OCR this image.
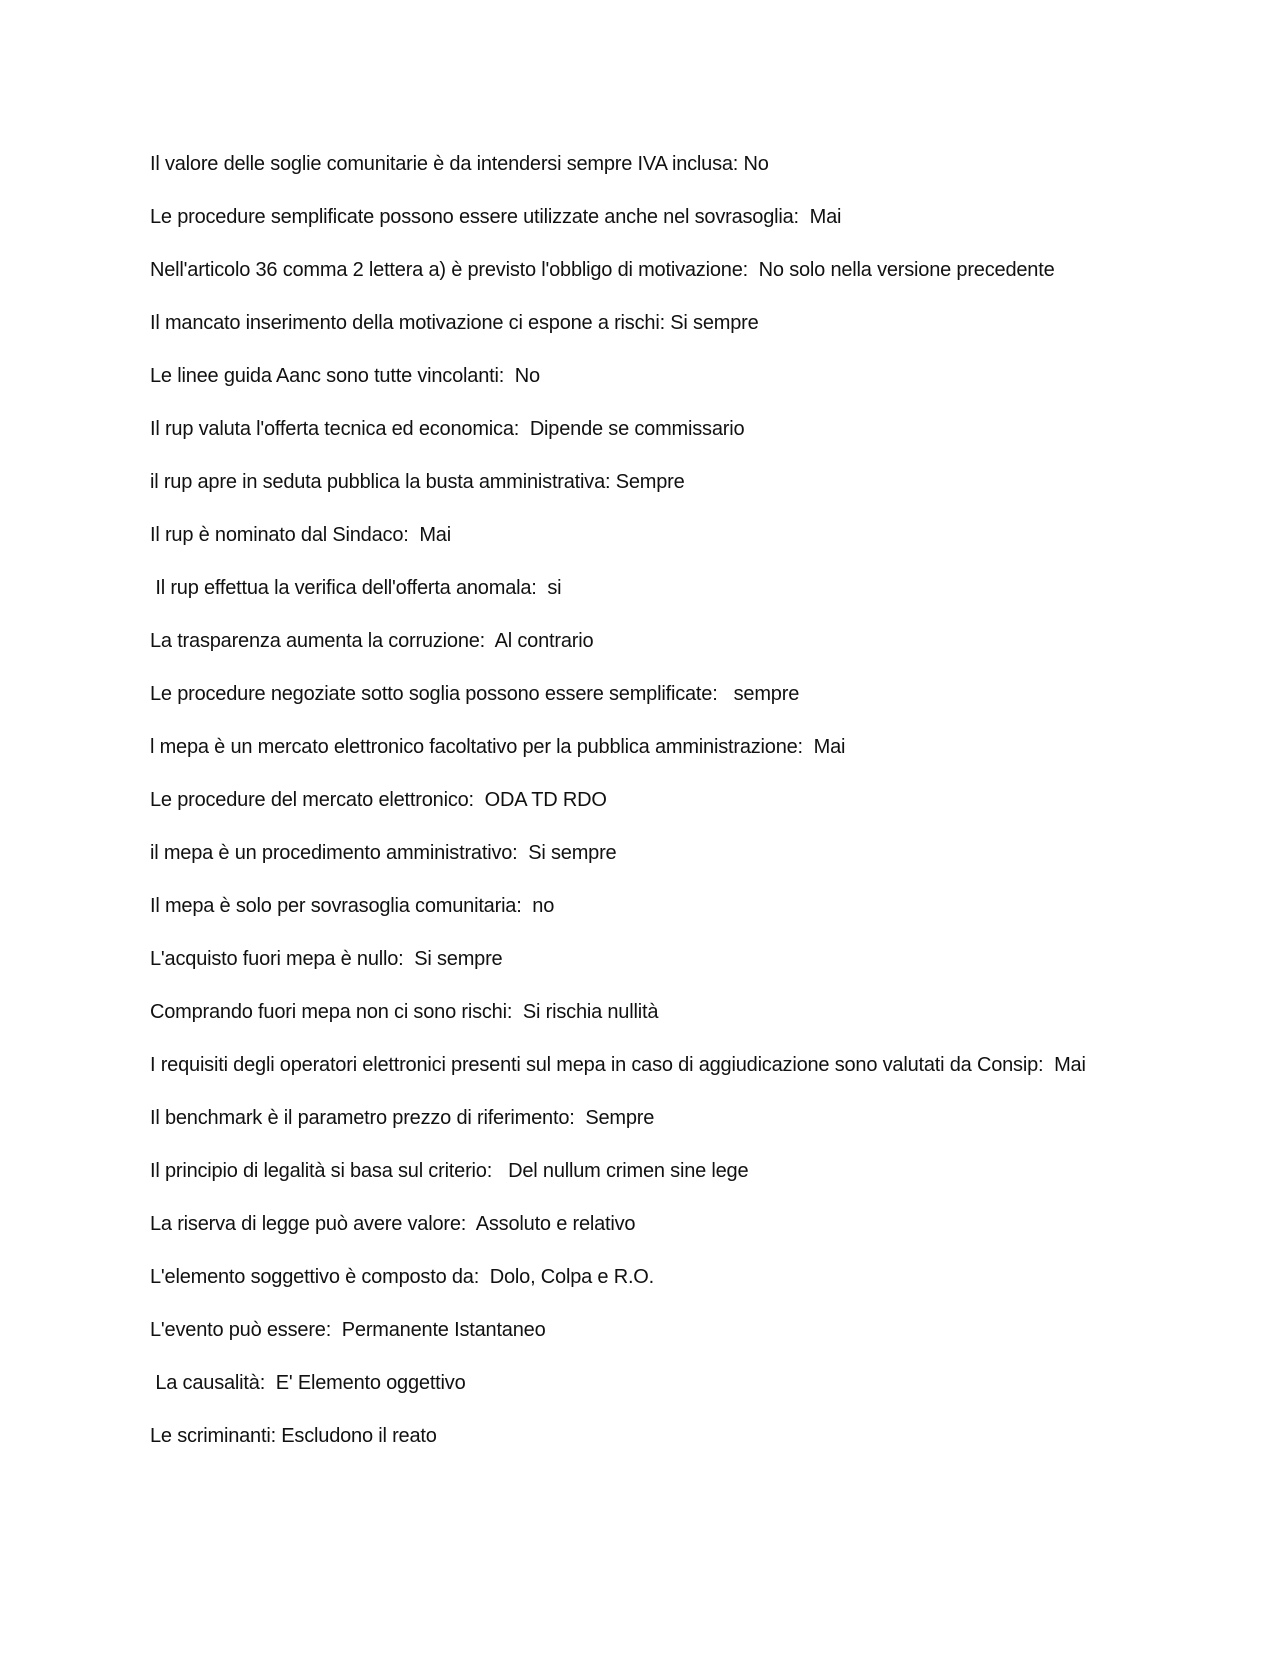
Il valore delle soglie comunitarie è da intendersi sempre IVA inclusa: No
Le procedure semplificate possono essere utilizzate anche nel sovrasoglia:  Mai
Nell'articolo 36 comma 2 lettera a) è previsto l'obbligo di motivazione:  No solo nella versione precedente
Il mancato inserimento della motivazione ci espone a rischi: Si sempre
Le linee guida Aanc sono tutte vincolanti:  No
Il rup valuta l'offerta tecnica ed economica:  Dipende se commissario
il rup apre in seduta pubblica la busta amministrativa: Sempre
Il rup è nominato dal Sindaco:  Mai
Il rup effettua la verifica dell'offerta anomala:  si
La trasparenza aumenta la corruzione:  Al contrario
Le procedure negoziate sotto soglia possono essere semplificate:   sempre
l mepa è un mercato elettronico facoltativo per la pubblica amministrazione:  Mai
Le procedure del mercato elettronico:  ODA TD RDO
il mepa è un procedimento amministrativo:  Si sempre
Il mepa è solo per sovrasoglia comunitaria:  no
L'acquisto fuori mepa è nullo:  Si sempre
Comprando fuori mepa non ci sono rischi:  Si rischia nullità
I requisiti degli operatori elettronici presenti sul mepa in caso di aggiudicazione sono valutati da Consip:  Mai
Il benchmark è il parametro prezzo di riferimento:  Sempre
Il principio di legalità si basa sul criterio:   Del nullum crimen sine lege
La riserva di legge può avere valore:  Assoluto e relativo
L'elemento soggettivo è composto da:  Dolo, Colpa e R.O.
L'evento può essere:  Permanente Istantaneo
La causalità:  E' Elemento oggettivo
Le scriminanti: Escludono il reato
